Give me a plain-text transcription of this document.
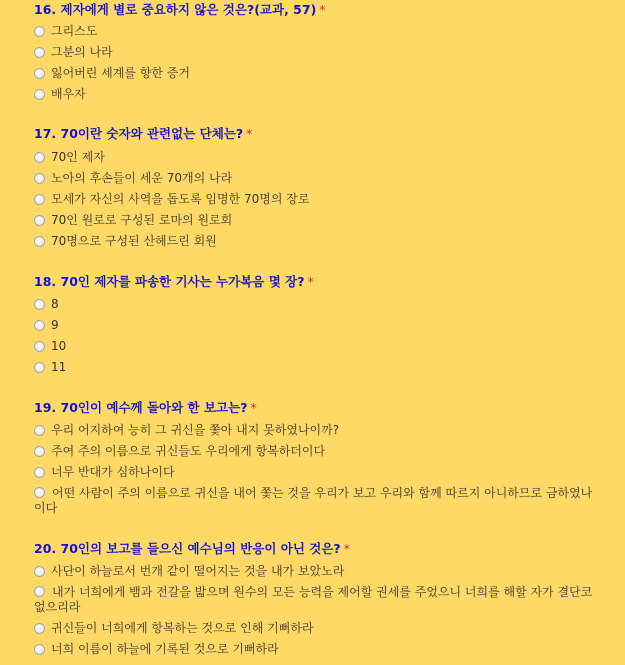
16. 제자에게 별로 중요하지 않은 것은?(교과, 57) *
그리스도
그분의 나라
잃어버린 세계를 향한 증거
배우자
17. 70이란 숫자와 관련없는 단체는? *
70인 제자
노아의 후손들이 세운 70개의 나라
모세가 자신의 사역을 돕도록 임명한 70명의 장로
70인 원로로 구성된 로마의 원로회
70명으로 구성된 산헤드린 회원
18. 70인 제자를 파송한 기사는 누가복음 몇 장? *
8
9
10
11
19. 70인이 예수께 돌아와 한 보고는? *
우리 어지하여 능히 그 귀신을 쫓아 내지 못하였나이까?
주여 주의 이름으로 귀신들도 우리에게 항복하더이다
너무 반대가 심하나이다
어떤 사람이 주의 이름으로 귀신을 내어 쫓는 것을 우리가 보고 우리와 함께 따르지 아니하므로 금하였나이다
20. 70인의 보고를 들으신 예수님의 반응이 아닌 것은? *
사단이 하늘로서 번개 같이 떨어지는 것을 내가 보았노라
내가 너희에게 뱀과 전갈을 밟으며 원수의 모든 능력을 제어할 권세를 주었으니 너희를 해할 자가 결단코 없으리라
귀신들이 너희에게 항복하는 것으로 인해 기뻐하라
너희 이름이 하늘에 기록된 것으로 기뻐하라
